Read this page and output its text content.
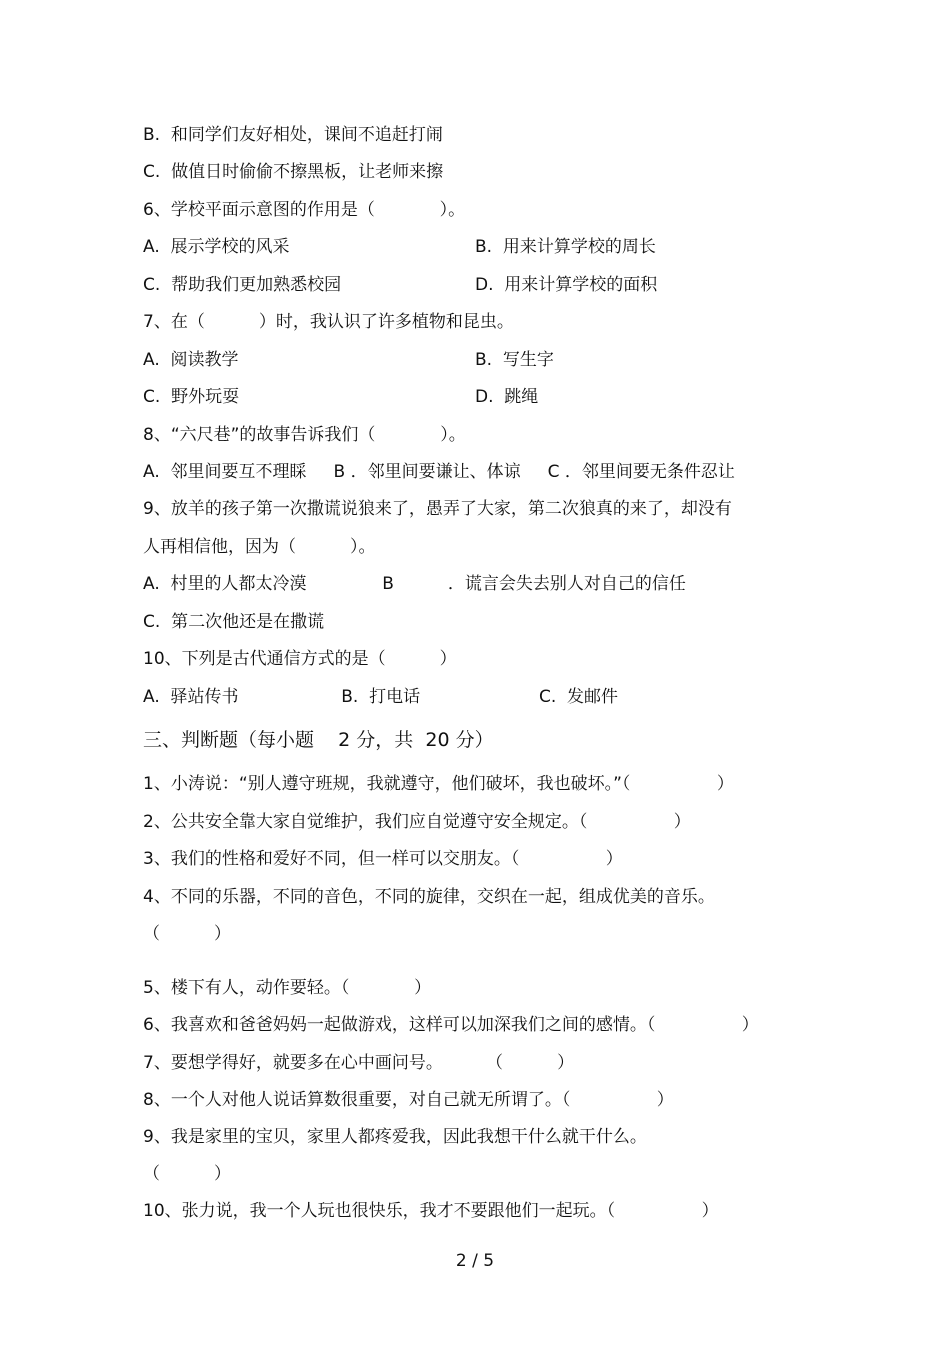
B.  和同学们友好相处，课间不追赶打闹
C.  做值日时偷偷不擦黑板，让老师来擦
6、学校平面示意图的作用是（            ）。
A.  展示学校的风采	B.  用来计算学校的周长
C.  帮助我们更加熟悉校园	D.  用来计算学校的面积
7、在（          ）时，我认识了许多植物和昆虫。
A.  阅读教学	B.  写生字
C.  野外玩耍	D.  跳绳
8、“六尺巷”的故事告诉我们（            ）。
A.  邻里间要互不理睬     B ．邻里间要谦让、体谅     C ．邻里间要无条件忍让
9、放羊的孩子第一次撒谎说狼来了，愚弄了大家，第二次狼真的来了，却没有
人再相信他，因为（          ）。
A.  村里的人都太冷漠              B          ．谎言会失去别人对自己的信任
C.  第二次他还是在撒谎
10、下列是古代通信方式的是（          ）
A.  驿站传书                   B.  打电话                      C.  发邮件
三、判断题（每小题    2 分，共  20 分）
1、小涛说：“别人遵守班规，我就遵守，他们破坏，我也破坏。”（                ）
2、公共安全靠大家自觉维护，我们应自觉遵守安全规定。（                ）
3、我们的性格和爱好不同，但一样可以交朋友。（                ）
4、不同的乐器，不同的音色，不同的旋律，交织在一起，组成优美的音乐。
（          ）
5、楼下有人，动作要轻。（            ）
6、我喜欢和爸爸妈妈一起做游戏，这样可以加深我们之间的感情。（                ）
7、要想学得好，就要多在心中画问号。        （          ）
8、一个人对他人说话算数很重要，对自己就无所谓了。（                ）
9、我是家里的宝贝，家里人都疼爱我，因此我想干什么就干什么。
（          ）
10、张力说，我一个人玩也很快乐，我才不要跟他们一起玩。（                ）
2 / 5
